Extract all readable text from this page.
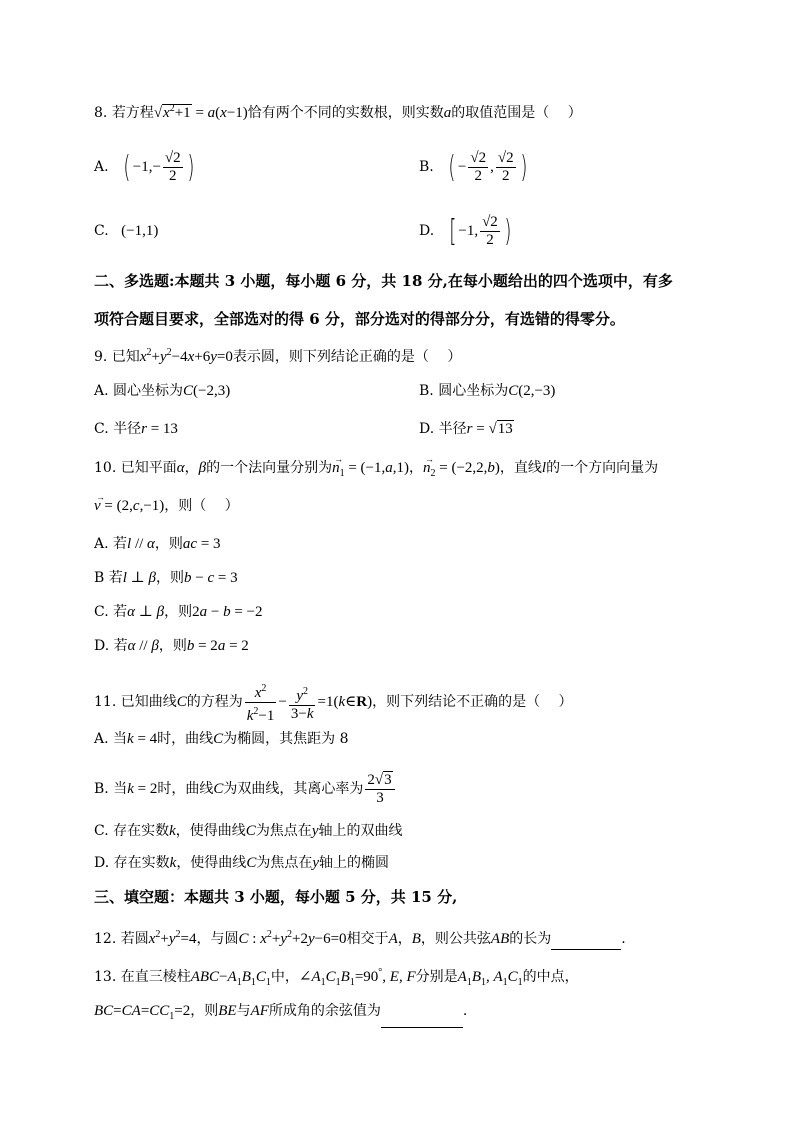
8. 若方程$√x^2+1 = a(x-1)$恰有两个不同的实数根，则实数a的取值范围是（　 ）
A. ( $-1,- \frac{√2}{2}$ )	B. ( − $\frac{√2}{2}$ , $\frac{√2}{2}$ )
C. (−1,1)	D. [ −1, $\frac{√2}{2}$ )
二、多选题:本题共 3 小题，每小题 6 分，共 18 分,在每小题给出的四个选项中，有多
项符合题目要求，全部选对的得 6 分，部分选对的得部分分，有选错的得零分。
9. 已知$x^2+y^2-4x+6y=0$表示圆，则下列结论正确的是（　 ）
A. 圆心坐标为C(−2,3)	B. 圆心坐标为C(2,−3)
C. 半径r = 13	D. 半径r = √13
10. 已知平面α，β的一个法向量分别为n
→
$_1$ = (−1,a,1)，n
→
$_2$ = (−2,2,b)，直线l的一个方向向量为
v
→
= (2,c,−1)，则（　 ）
A. 若l // α，则ac = 3
B 若l ⊥ β，则b − c = 3
C. 若α ⊥ β，则2a − b = −2
D. 若α // β，则b = 2a = 2
11. 已知曲线C的方程为 $\frac{x^2}{k^2-1} - \frac{y^2}{3-k}$ =1(k∈R)，则下列结论不正确的是（　 ）
A. 当k = 4时，曲线C为椭圆，其焦距为 8
B. 当k = 2时，曲线C为双曲线，其离心率为 $\frac{2√3}{3}$
C. 存在实数k，使得曲线C为焦点在y轴上的双曲线
D. 存在实数k，使得曲线C为焦点在y轴上的椭圆
三、填空题：本题共 3 小题，每小题 5 分，共 15 分,
12. 若圆$x^2+y^2=4$，与圆C : $x^2+y^2+2y-6=0$相交于A，B，则公共弦AB的长为	.
13. 在直三棱柱$ABC-A_1B_1C_1$中，$\angle A_1C_1B_1=90^\circ$, E, F分别是$A_1B_1$, $A_1C_1$的中点，
$BC=CA=CC_1=2$，则BE与AF所成角的余弦值为	.
